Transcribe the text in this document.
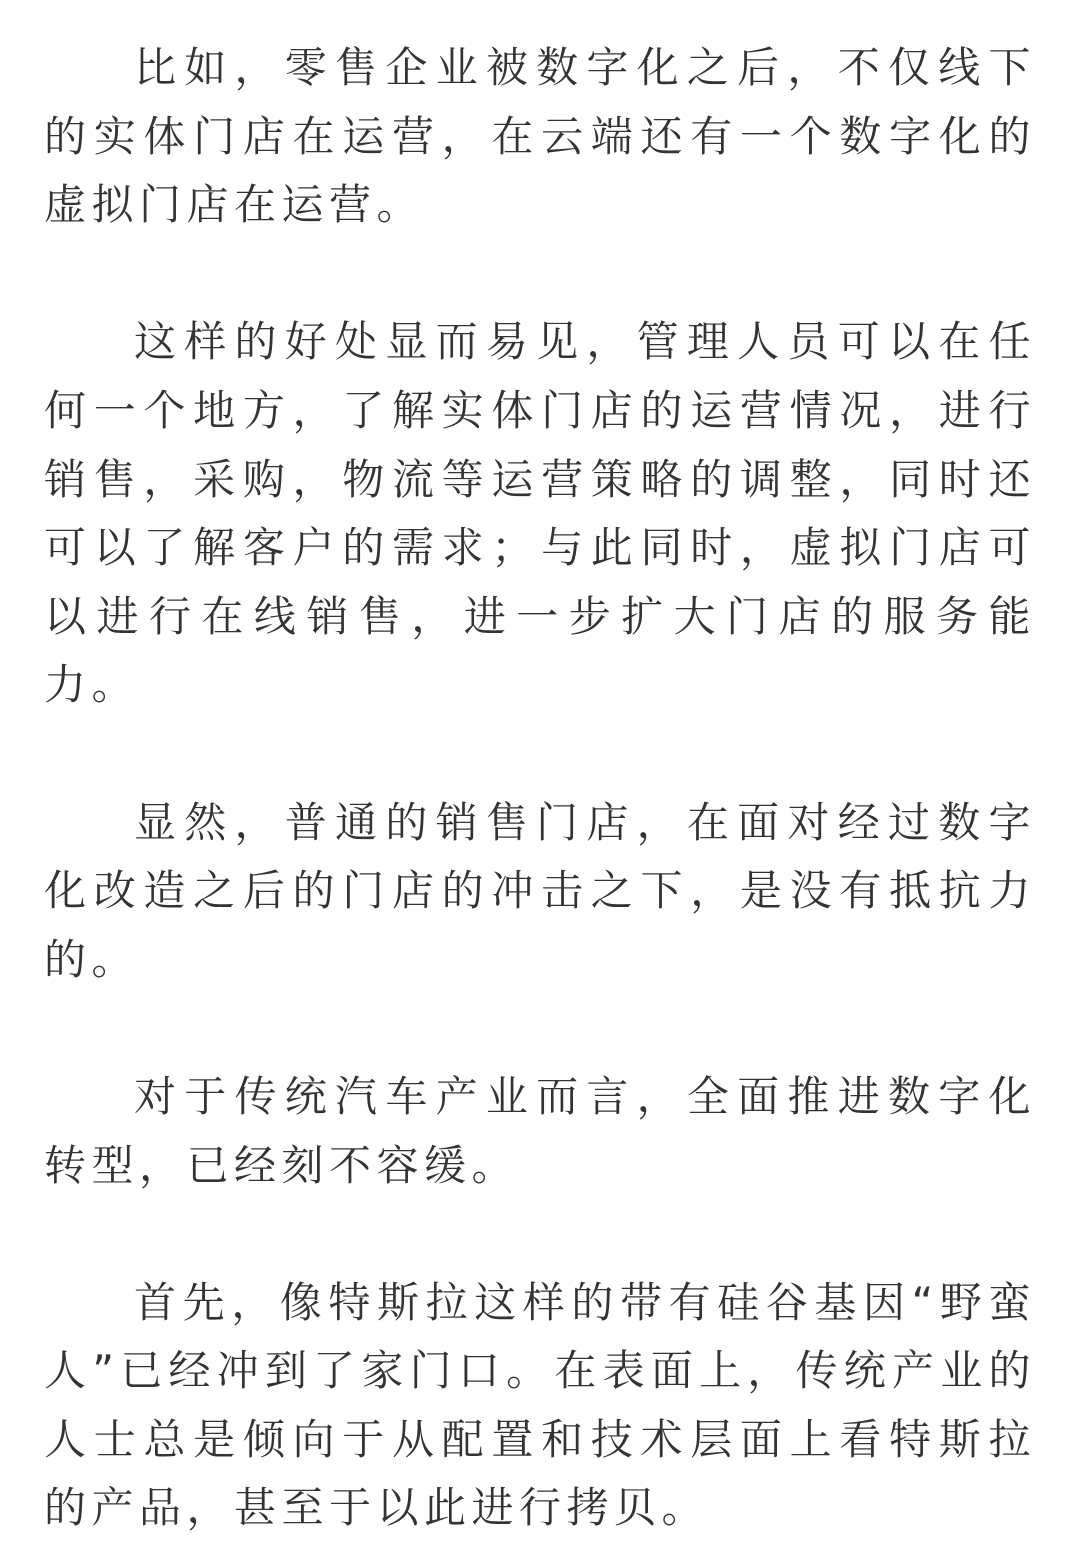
比如，零售企业被数字化之后，不仅线下的实体门店在运营，在云端还有一个数字化的虚拟门店在运营。

这样的好处显而易见，管理人员可以在任何一个地方，了解实体门店的运营情况，进行销售，采购，物流等运营策略的调整，同时还可以了解客户的需求；与此同时，虚拟门店可以进行在线销售，进一步扩大门店的服务能力。

显然，普通的销售门店，在面对经过数字化改造之后的门店的冲击之下，是没有抵抗力的。

对于传统汽车产业而言，全面推进数字化转型，已经刻不容缓。

首先，像特斯拉这样的带有硅谷基因“野蛮人”已经冲到了家门口。在表面上，传统产业的人士总是倾向于从配置和技术层面上看特斯拉的产品，甚至于以此进行拷贝。
